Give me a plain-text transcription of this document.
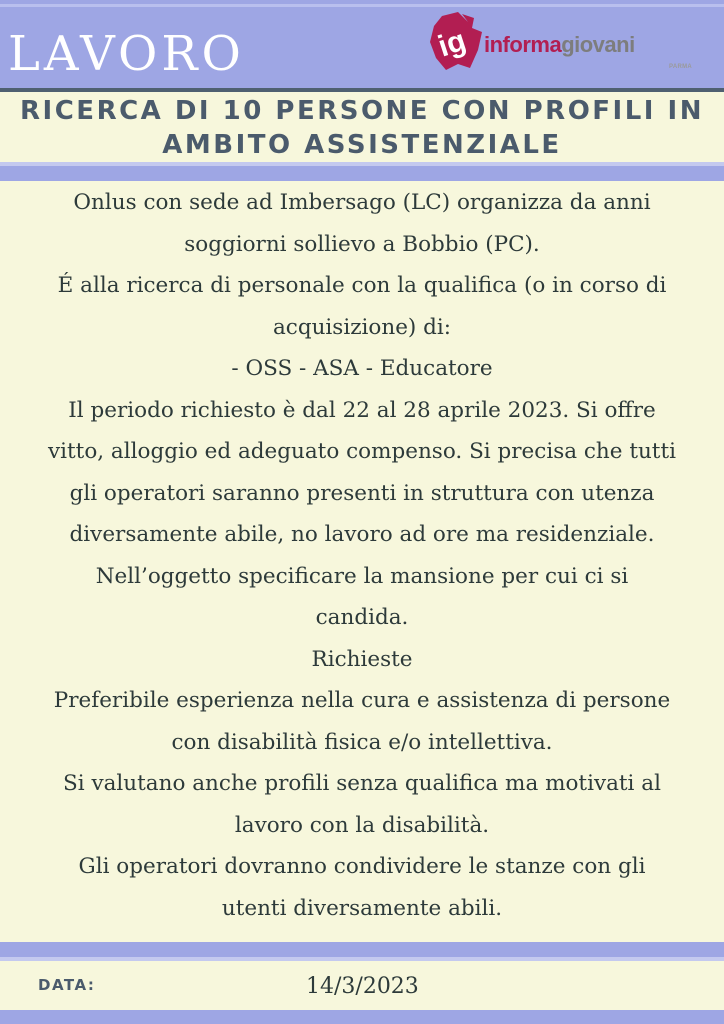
LAVORO	ig informagiovani
PARMA
RICERCA DI 10 PERSONE CON PROFILI IN
AMBITO ASSISTENZIALE

Onlus con sede ad Imbersago (LC) organizza da anni

soggiorni sollievo a Bobbio (PC).

É alla ricerca di personale con la qualifica (o in corso di

acquisizione) di:

- OSS - ASA - Educatore

Il periodo richiesto è dal 22 al 28 aprile 2023. Si offre

vitto, alloggio ed adeguato compenso. Si precisa che tutti

gli operatori saranno presenti in struttura con utenza

diversamente abile, no lavoro ad ore ma residenziale.

Nell’oggetto specificare la mansione per cui ci si

candida.

Richieste

Preferibile esperienza nella cura e assistenza di persone

con disabilità fisica e/o intellettiva.

Si valutano anche profili senza qualifica ma motivati al

lavoro con la disabilità.

Gli operatori dovranno condividere le stanze con gli

utenti diversamente abili.

DATA:	14/3/2023
